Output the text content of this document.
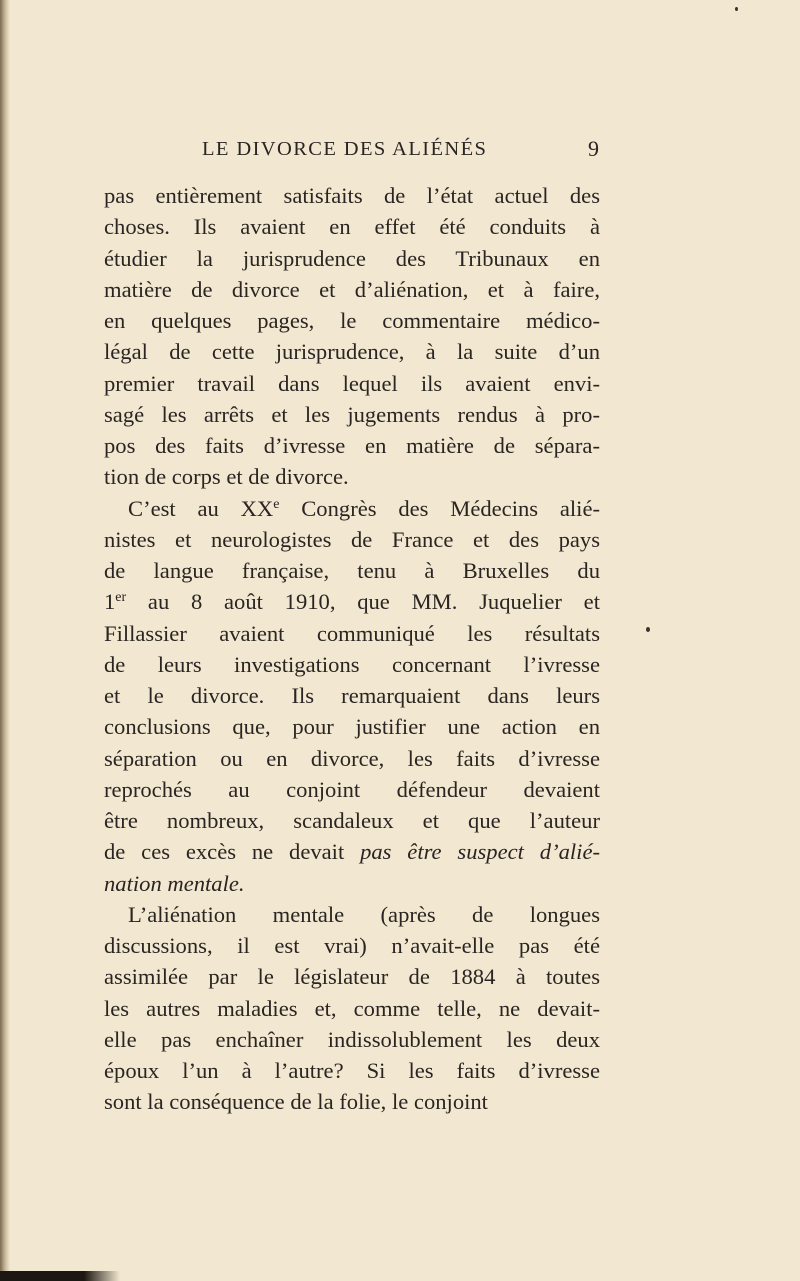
LE DIVORCE DES ALIÉNÉS	9
pas entièrement satisfaits de l’état actuel des
choses. Ils avaient en effet été conduits à
étudier la jurisprudence des Tribunaux en
matière de divorce et d’aliénation, et à faire,
en quelques pages, le commentaire médico-
légal de cette jurisprudence, à la suite d’un
premier travail dans lequel ils avaient envi-
sagé les arrêts et les jugements rendus à pro-
pos des faits d’ivresse en matière de sépara-
tion de corps et de divorce.
C’est au XXe Congrès des Médecins alié-
nistes et neurologistes de France et des pays
de langue française, tenu à Bruxelles du
1er au 8 août 1910, que MM. Juquelier et
Fillassier avaient communiqué les résultats
de leurs investigations concernant l’ivresse
et le divorce. Ils remarquaient dans leurs
conclusions que, pour justifier une action en
séparation ou en divorce, les faits d’ivresse
reprochés au conjoint défendeur devaient
être nombreux, scandaleux et que l’auteur
de ces excès ne devait pas être suspect d’alié-
nation mentale.
L’aliénation mentale (après de longues
discussions, il est vrai) n’avait-elle pas été
assimilée par le législateur de 1884 à toutes
les autres maladies et, comme telle, ne devait-
elle pas enchaîner indissolublement les deux
époux l’un à l’autre? Si les faits d’ivresse
sont la conséquence de la folie, le conjoint
